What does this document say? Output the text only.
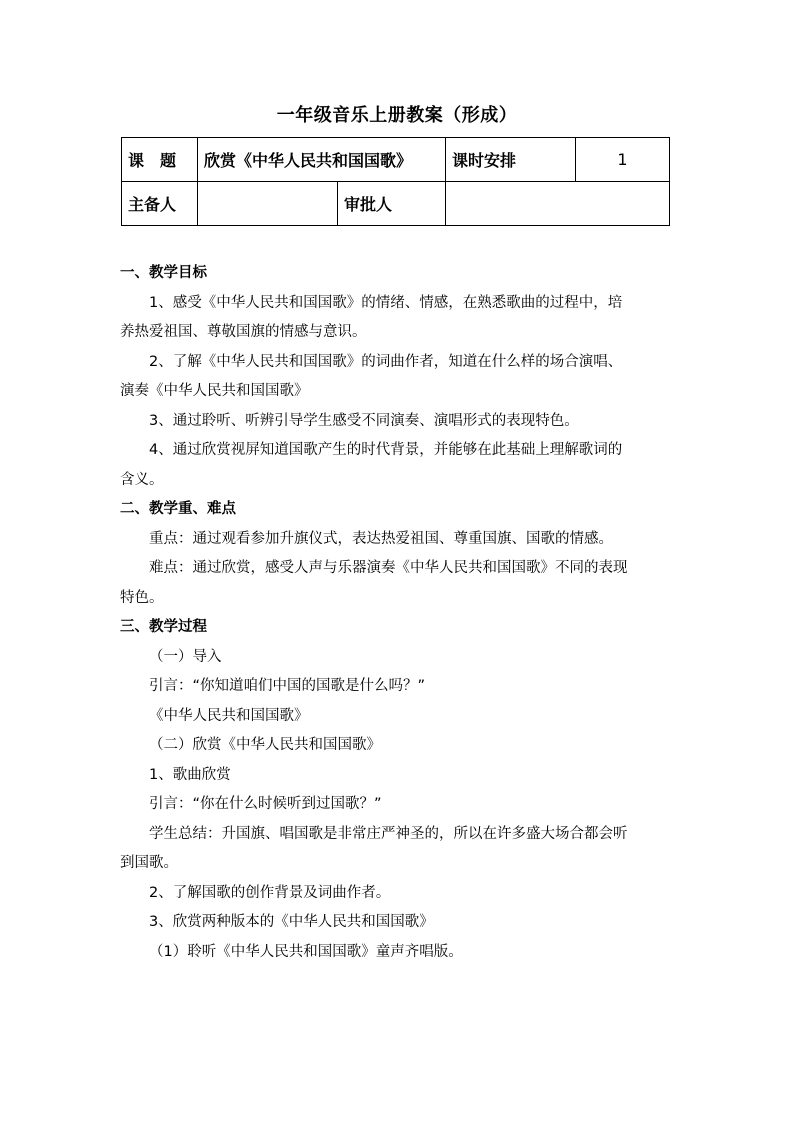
一年级音乐上册教案（形成）
课　题	欣赏《中华人民共和国国歌》		课时安排	1
主备人		审批人		
一、教学目标
1、感受《中华人民共和国国歌》的情绪、情感，在熟悉歌曲的过程中，培
养热爱祖国、尊敬国旗的情感与意识。
2、了解《中华人民共和国国歌》的词曲作者，知道在什么样的场合演唱、
演奏《中华人民共和国国歌》
3、通过聆听、听辨引导学生感受不同演奏、演唱形式的表现特色。
4、通过欣赏视屏知道国歌产生的时代背景，并能够在此基础上理解歌词的
含义。
二、教学重、难点
重点：通过观看参加升旗仪式，表达热爱祖国、尊重国旗、国歌的情感。
难点：通过欣赏，感受人声与乐器演奏《中华人民共和国国歌》不同的表现
特色。
三、教学过程
（一）导入
引言：“你知道咱们中国的国歌是什么吗？”
《中华人民共和国国歌》
（二）欣赏《中华人民共和国国歌》
1、歌曲欣赏
引言：“你在什么时候听到过国歌？”
学生总结：升国旗、唱国歌是非常庄严神圣的，所以在许多盛大场合都会听
到国歌。
2、了解国歌的创作背景及词曲作者。
3、欣赏两种版本的《中华人民共和国国歌》
（1）聆听《中华人民共和国国歌》童声齐唱版。
